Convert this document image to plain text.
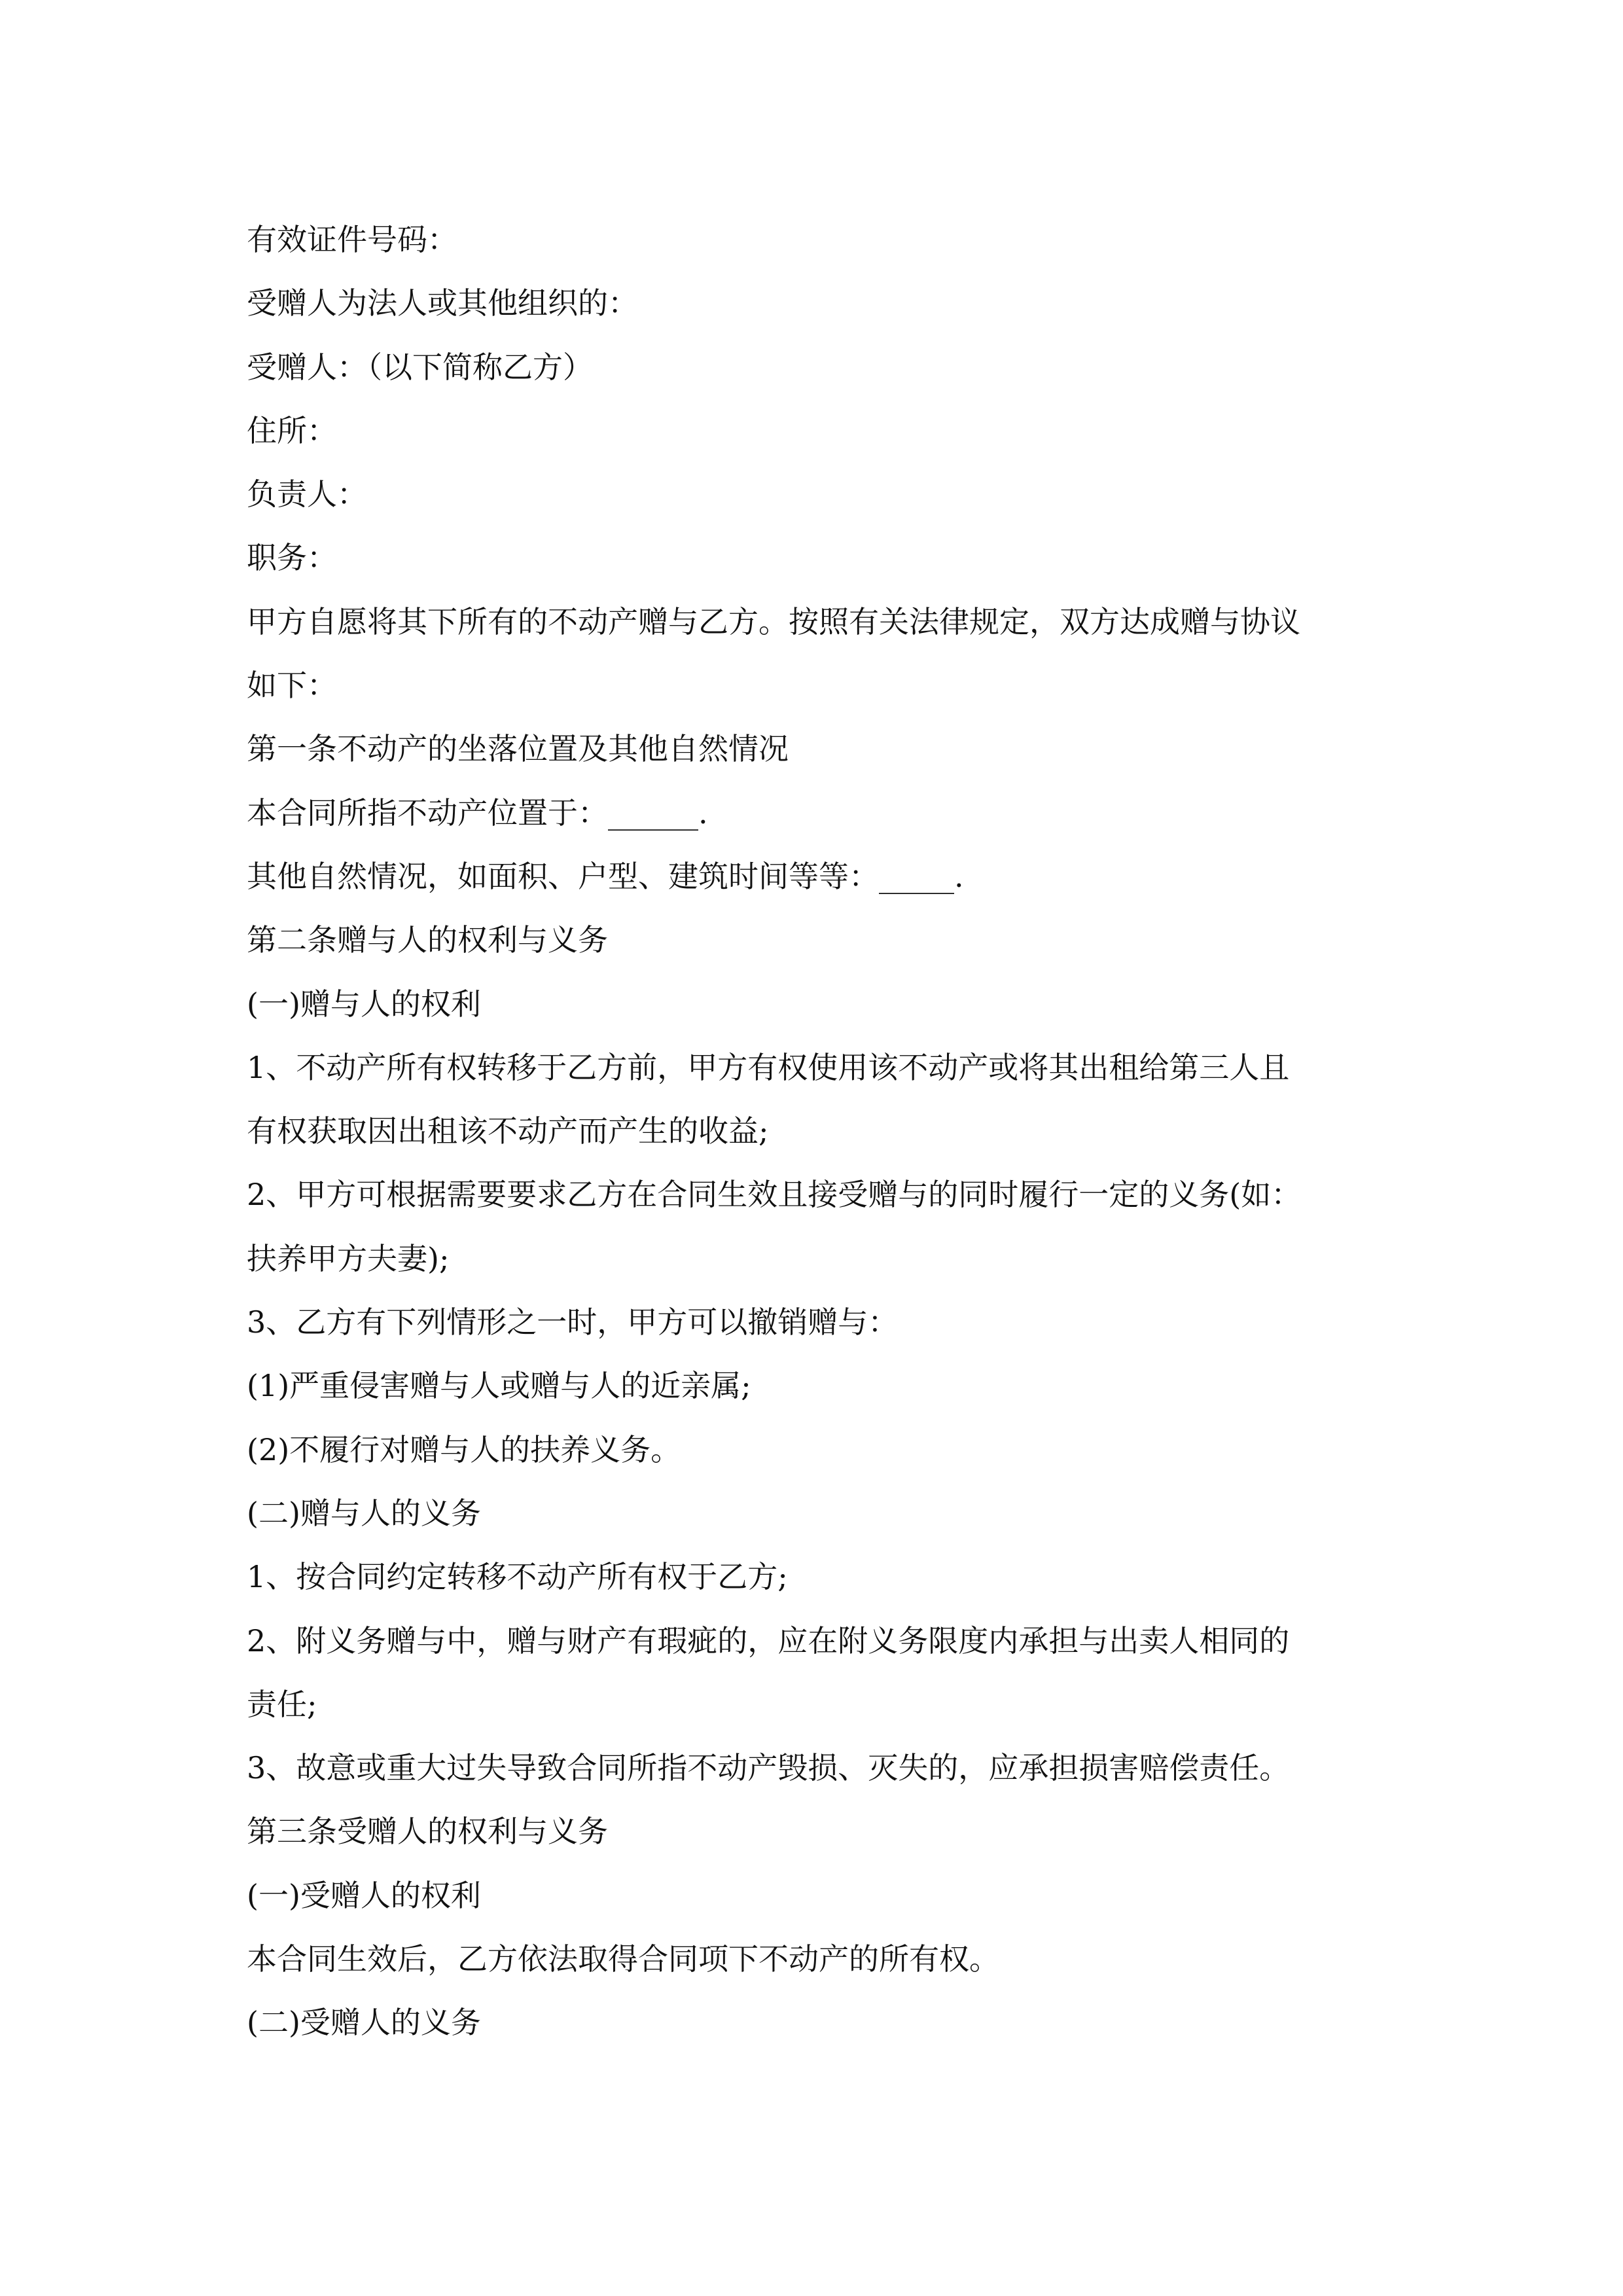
有效证件号码：
受赠人为法人或其他组织的：
受赠人：（以下简称乙方）
住所：
负责人：
职务：
甲方自愿将其下所有的不动产赠与乙方。按照有关法律规定，双方达成赠与协议
如下：
第一条不动产的坐落位置及其他自然情况
本合同所指不动产位置于：______.
其他自然情况，如面积、户型、建筑时间等等：_____.
第二条赠与人的权利与义务
(一)赠与人的权利
1、不动产所有权转移于乙方前，甲方有权使用该不动产或将其出租给第三人且
有权获取因出租该不动产而产生的收益;
2、甲方可根据需要要求乙方在合同生效且接受赠与的同时履行一定的义务(如：
扶养甲方夫妻);
3、乙方有下列情形之一时，甲方可以撤销赠与：
(1)严重侵害赠与人或赠与人的近亲属;
(2)不履行对赠与人的扶养义务。
(二)赠与人的义务
1、按合同约定转移不动产所有权于乙方;
2、附义务赠与中，赠与财产有瑕疵的，应在附义务限度内承担与出卖人相同的
责任;
3、故意或重大过失导致合同所指不动产毁损、灭失的，应承担损害赔偿责任。
第三条受赠人的权利与义务
(一)受赠人的权利
本合同生效后，乙方依法取得合同项下不动产的所有权。
(二)受赠人的义务
